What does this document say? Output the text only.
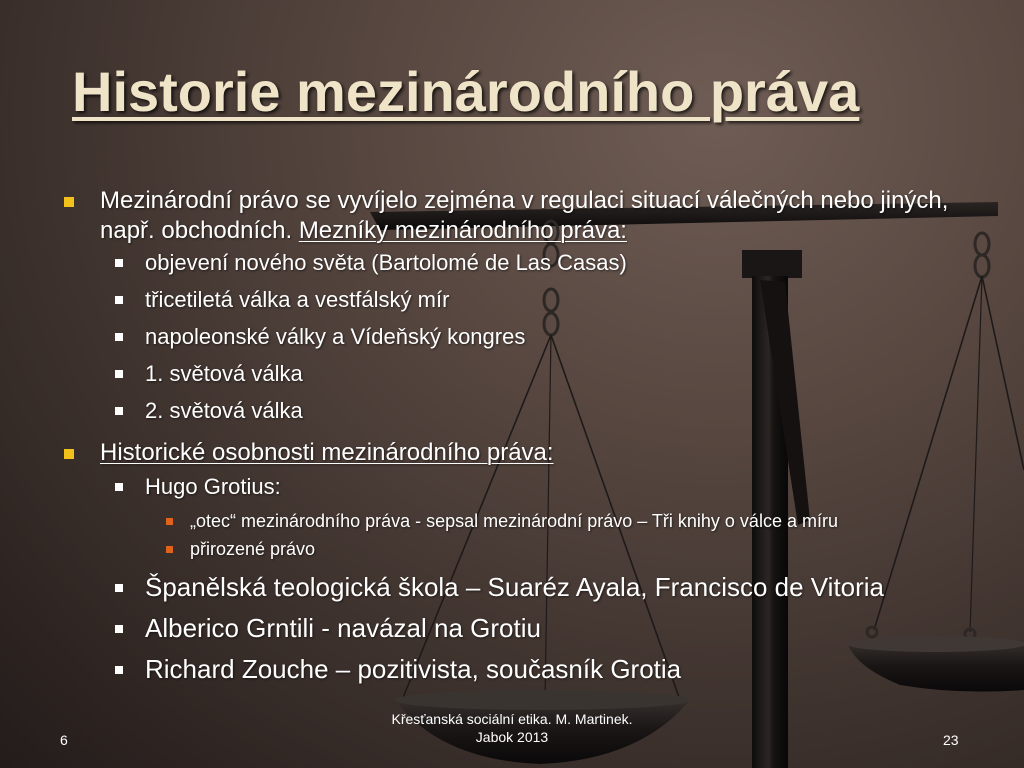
Historie mezinárodního práva
Mezinárodní právo se vyvíjelo zejména v regulaci situací válečných nebo jiných, např. obchodních. Mezníky mezinárodního práva:
objevení nového světa (Bartolomé de Las Casas)
třicetiletá válka a vestfálský mír
napoleonské války a Vídeňský kongres
1. světová válka
2. světová válka
Historické osobnosti mezinárodního práva:
Hugo Grotius:
„otec“ mezinárodního práva - sepsal mezinárodní právo – Tři knihy o válce a míru
přirozené právo
Španělská teologická škola – Suaréz Ayala, Francisco de Vitoria
Alberico Grntili - navázal na Grotiu
Richard Zouche – pozitivista, současník Grotia
6
Křesťanská sociální etika. M. Martinek.
Jabok 2013	23
